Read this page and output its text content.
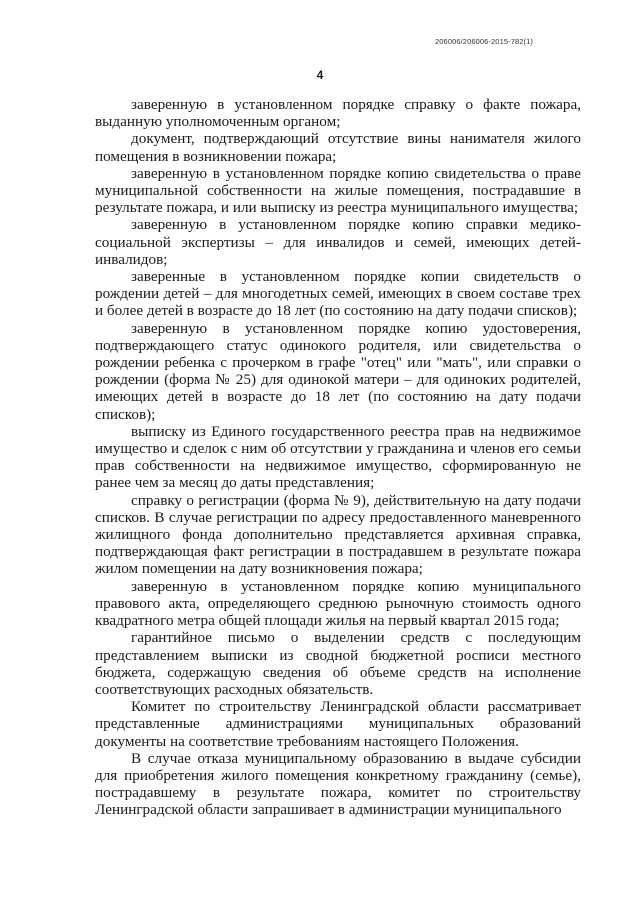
206006/206006-2015-782(1)
4

заверенную в установленном порядке справку о факте пожара, выданную уполномоченным органом;

документ, подтверждающий отсутствие вины нанимателя жилого помещения в возникновении пожара;

заверенную в установленном порядке копию свидетельства о праве муниципальной собственности на жилые помещения, пострадавшие в результате пожара, и или выписку из реестра муниципального имущества;

заверенную в установленном порядке копию справки медико-социальной экспертизы – для инвалидов и семей, имеющих детей-инвалидов;

заверенные в установленном порядке копии свидетельств о рождении детей – для многодетных семей, имеющих в своем составе трех и более детей в возрасте до 18 лет (по состоянию на дату подачи списков);

заверенную в установленном порядке копию удостоверения, подтверждающего статус одинокого родителя, или свидетельства о рождении ребенка с прочерком в графе "отец" или "мать", или справки о рождении (форма № 25) для одинокой матери – для одиноких родителей, имеющих детей в возрасте до 18 лет (по состоянию на дату подачи списков);

выписку из Единого государственного реестра прав на недвижимое имущество и сделок с ним об отсутствии у гражданина и членов его семьи прав собственности на недвижимое имущество, сформированную не ранее чем за месяц до даты представления;

справку о регистрации (форма № 9), действительную на дату подачи списков. В случае регистрации по адресу предоставленного маневренного жилищного фонда дополнительно представляется архивная справка, подтверждающая факт регистрации в пострадавшем в результате пожара жилом помещении на дату возникновения пожара;

заверенную в установленном порядке копию муниципального правового акта, определяющего среднюю рыночную стоимость одного квадратного метра общей площади жилья на первый квартал 2015 года;

гарантийное письмо о выделении средств с последующим представлением выписки из сводной бюджетной росписи местного бюджета, содержащую сведения об объеме средств на исполнение соответствующих расходных обязательств.

Комитет по строительству Ленинградской области рассматривает представленные администрациями муниципальных образований документы на соответствие требованиям настоящего Положения.

В случае отказа муниципальному образованию в выдаче субсидии для приобретения жилого помещения конкретному гражданину (семье), пострадавшему в результате пожара, комитет по строительству Ленинградской области запрашивает в администрации муниципального
